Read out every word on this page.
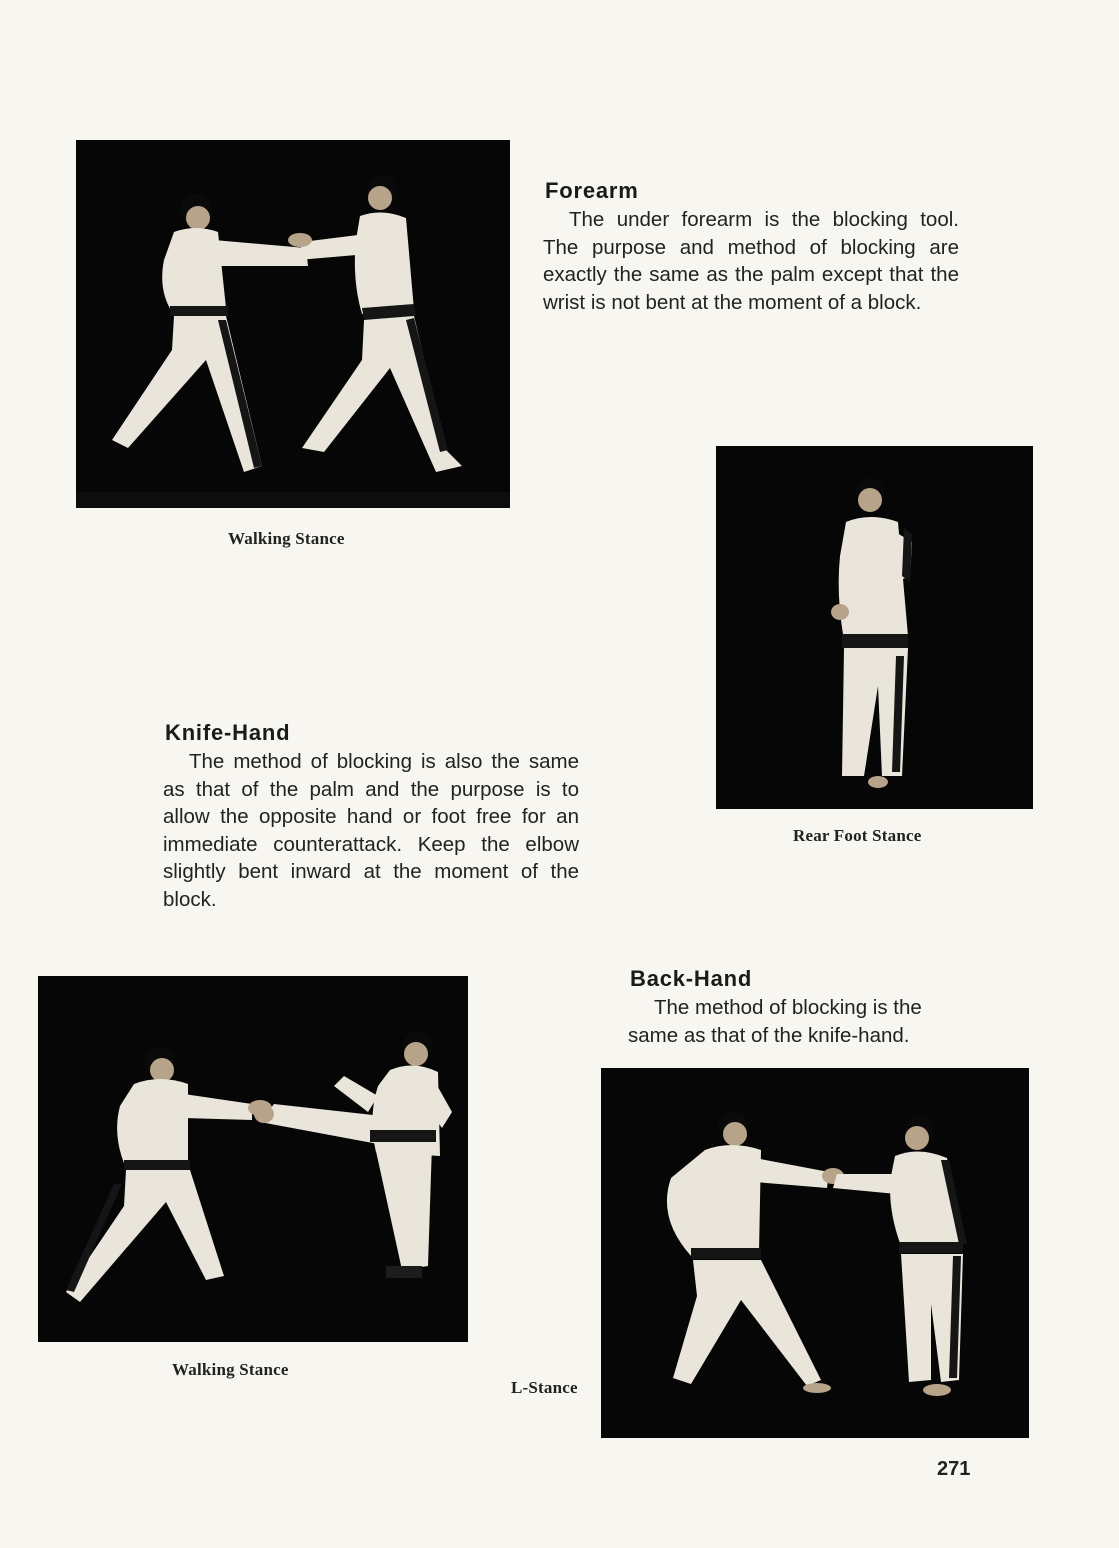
Walking Stance
Forearm
The under forearm is the blocking tool. The purpose and method of blocking are exactly the same as the palm except that the wrist is not bent at the moment of a block.
Rear Foot Stance
Knife-Hand
The method of blocking is also the same as that of the palm and the purpose is to allow the opposite hand or foot free for an immediate counterattack. Keep the elbow slightly bent inward at the moment of the block.
Walking Stance
Back-Hand
The method of blocking is the
same as that of the knife-hand.
L-Stance
271
